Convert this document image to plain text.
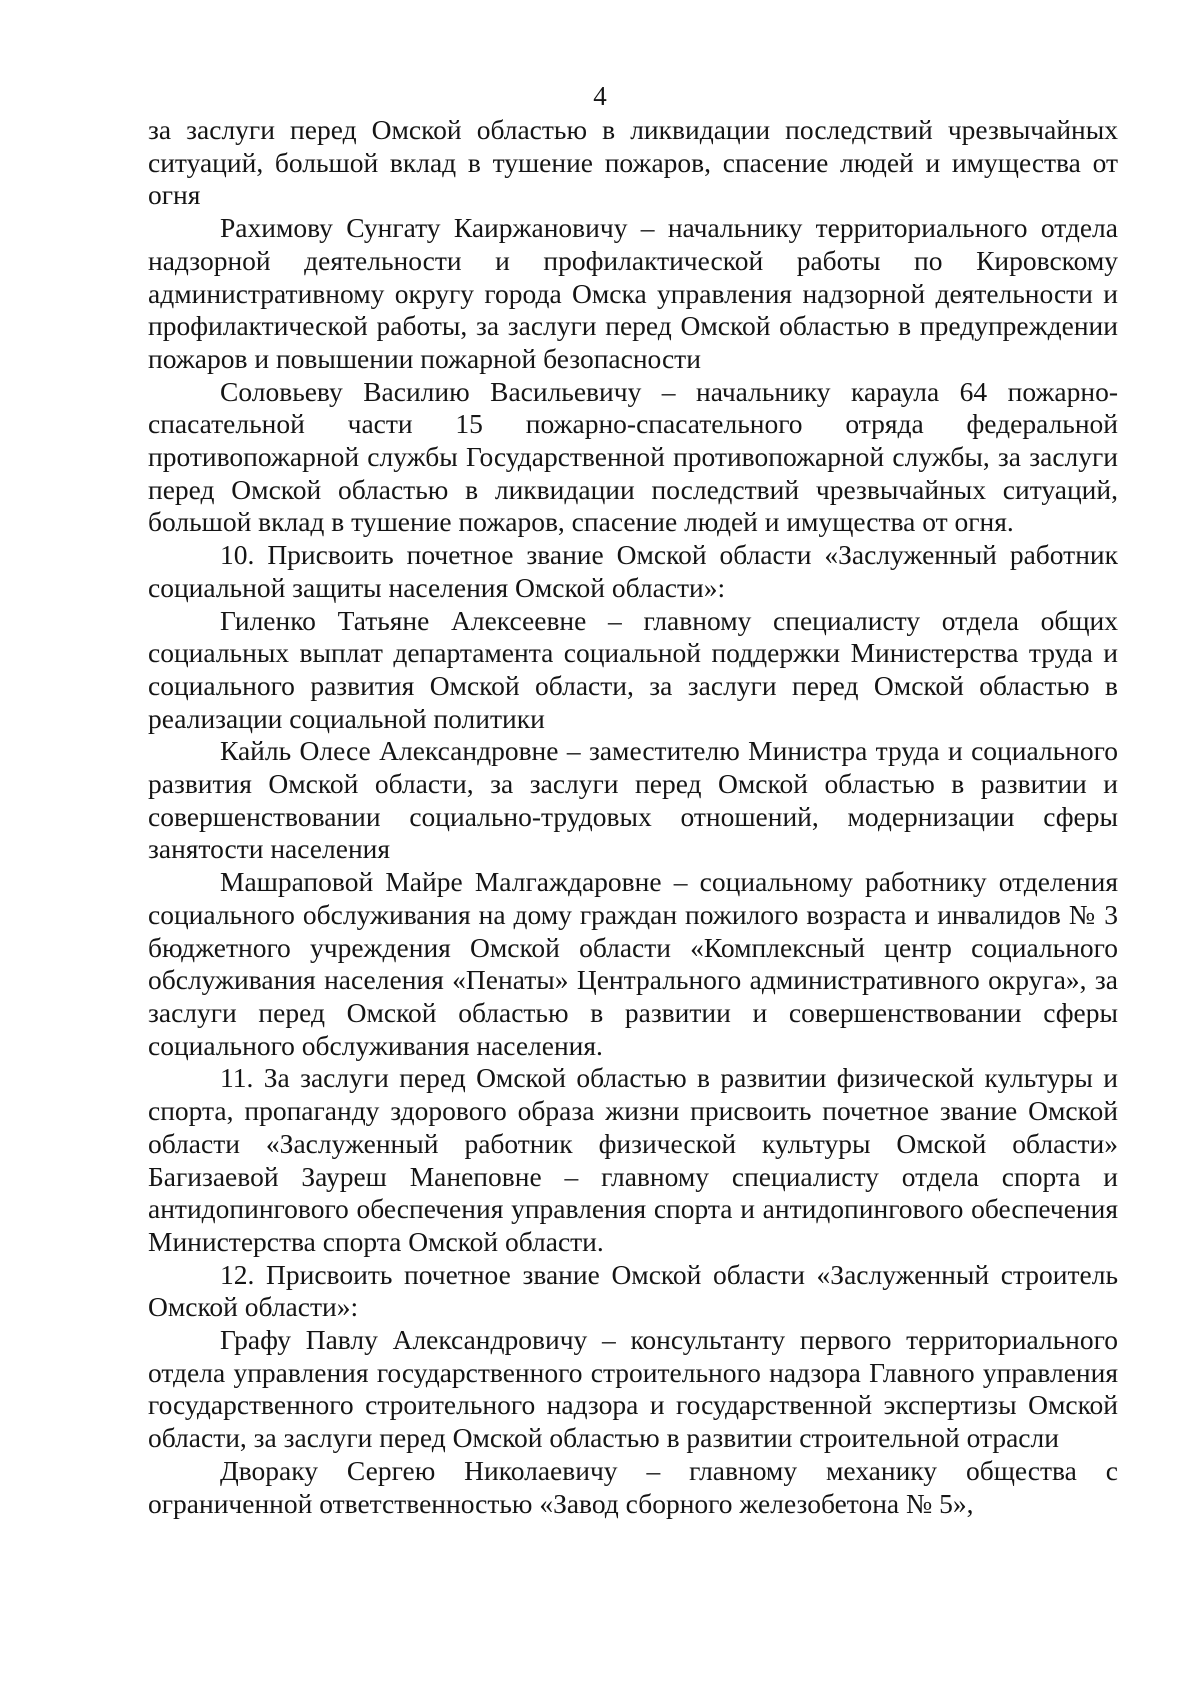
4

за заслуги перед Омской областью в ликвидации последствий чрезвычайных ситуаций, большой вклад в тушение пожаров, спасение людей и имущества от огня

Рахимову Сунгату Каиржановичу – начальнику территориального отдела надзорной деятельности и профилактической работы по Кировскому административному округу города Омска управления надзорной деятельности и профилактической работы, за заслуги перед Омской областью в предупреждении пожаров и повышении пожарной безопасности

Соловьеву Василию Васильевичу – начальнику караула 64 пожарно-спасательной части 15 пожарно-спасательного отряда федеральной противопожарной службы Государственной противопожарной службы, за заслуги перед Омской областью в ликвидации последствий чрезвычайных ситуаций, большой вклад в тушение пожаров, спасение людей и имущества от огня.

10. Присвоить почетное звание Омской области «Заслуженный работник социальной защиты населения Омской области»:

Гиленко Татьяне Алексеевне – главному специалисту отдела общих социальных выплат департамента социальной поддержки Министерства труда и социального развития Омской области, за заслуги перед Омской областью в реализации социальной политики

Кайль Олесе Александровне – заместителю Министра труда и социального развития Омской области, за заслуги перед Омской областью в развитии и совершенствовании социально-трудовых отношений, модернизации сферы занятости населения

Машраповой Майре Малгаждаровне – социальному работнику отделения социального обслуживания на дому граждан пожилого возраста и инвалидов № 3 бюджетного учреждения Омской области «Комплексный центр социального обслуживания населения «Пенаты» Центрального административного округа», за заслуги перед Омской областью в развитии и совершенствовании сферы социального обслуживания населения.

11. За заслуги перед Омской областью в развитии физической культуры и спорта, пропаганду здорового образа жизни присвоить почетное звание Омской области «Заслуженный работник физической культуры Омской области» Багизаевой Зауреш Манеповне – главному специалисту отдела спорта и антидопингового обеспечения управления спорта и антидопингового обеспечения Министерства спорта Омской области.

12. Присвоить почетное звание Омской области «Заслуженный строитель Омской области»:

Графу Павлу Александровичу – консультанту первого территориального отдела управления государственного строительного надзора Главного управления государственного строительного надзора и государственной экспертизы Омской области, за заслуги перед Омской областью в развитии строительной отрасли

Двораку Сергею Николаевичу – главному механику общества с ограниченной ответственностью «Завод сборного железобетона № 5»,
